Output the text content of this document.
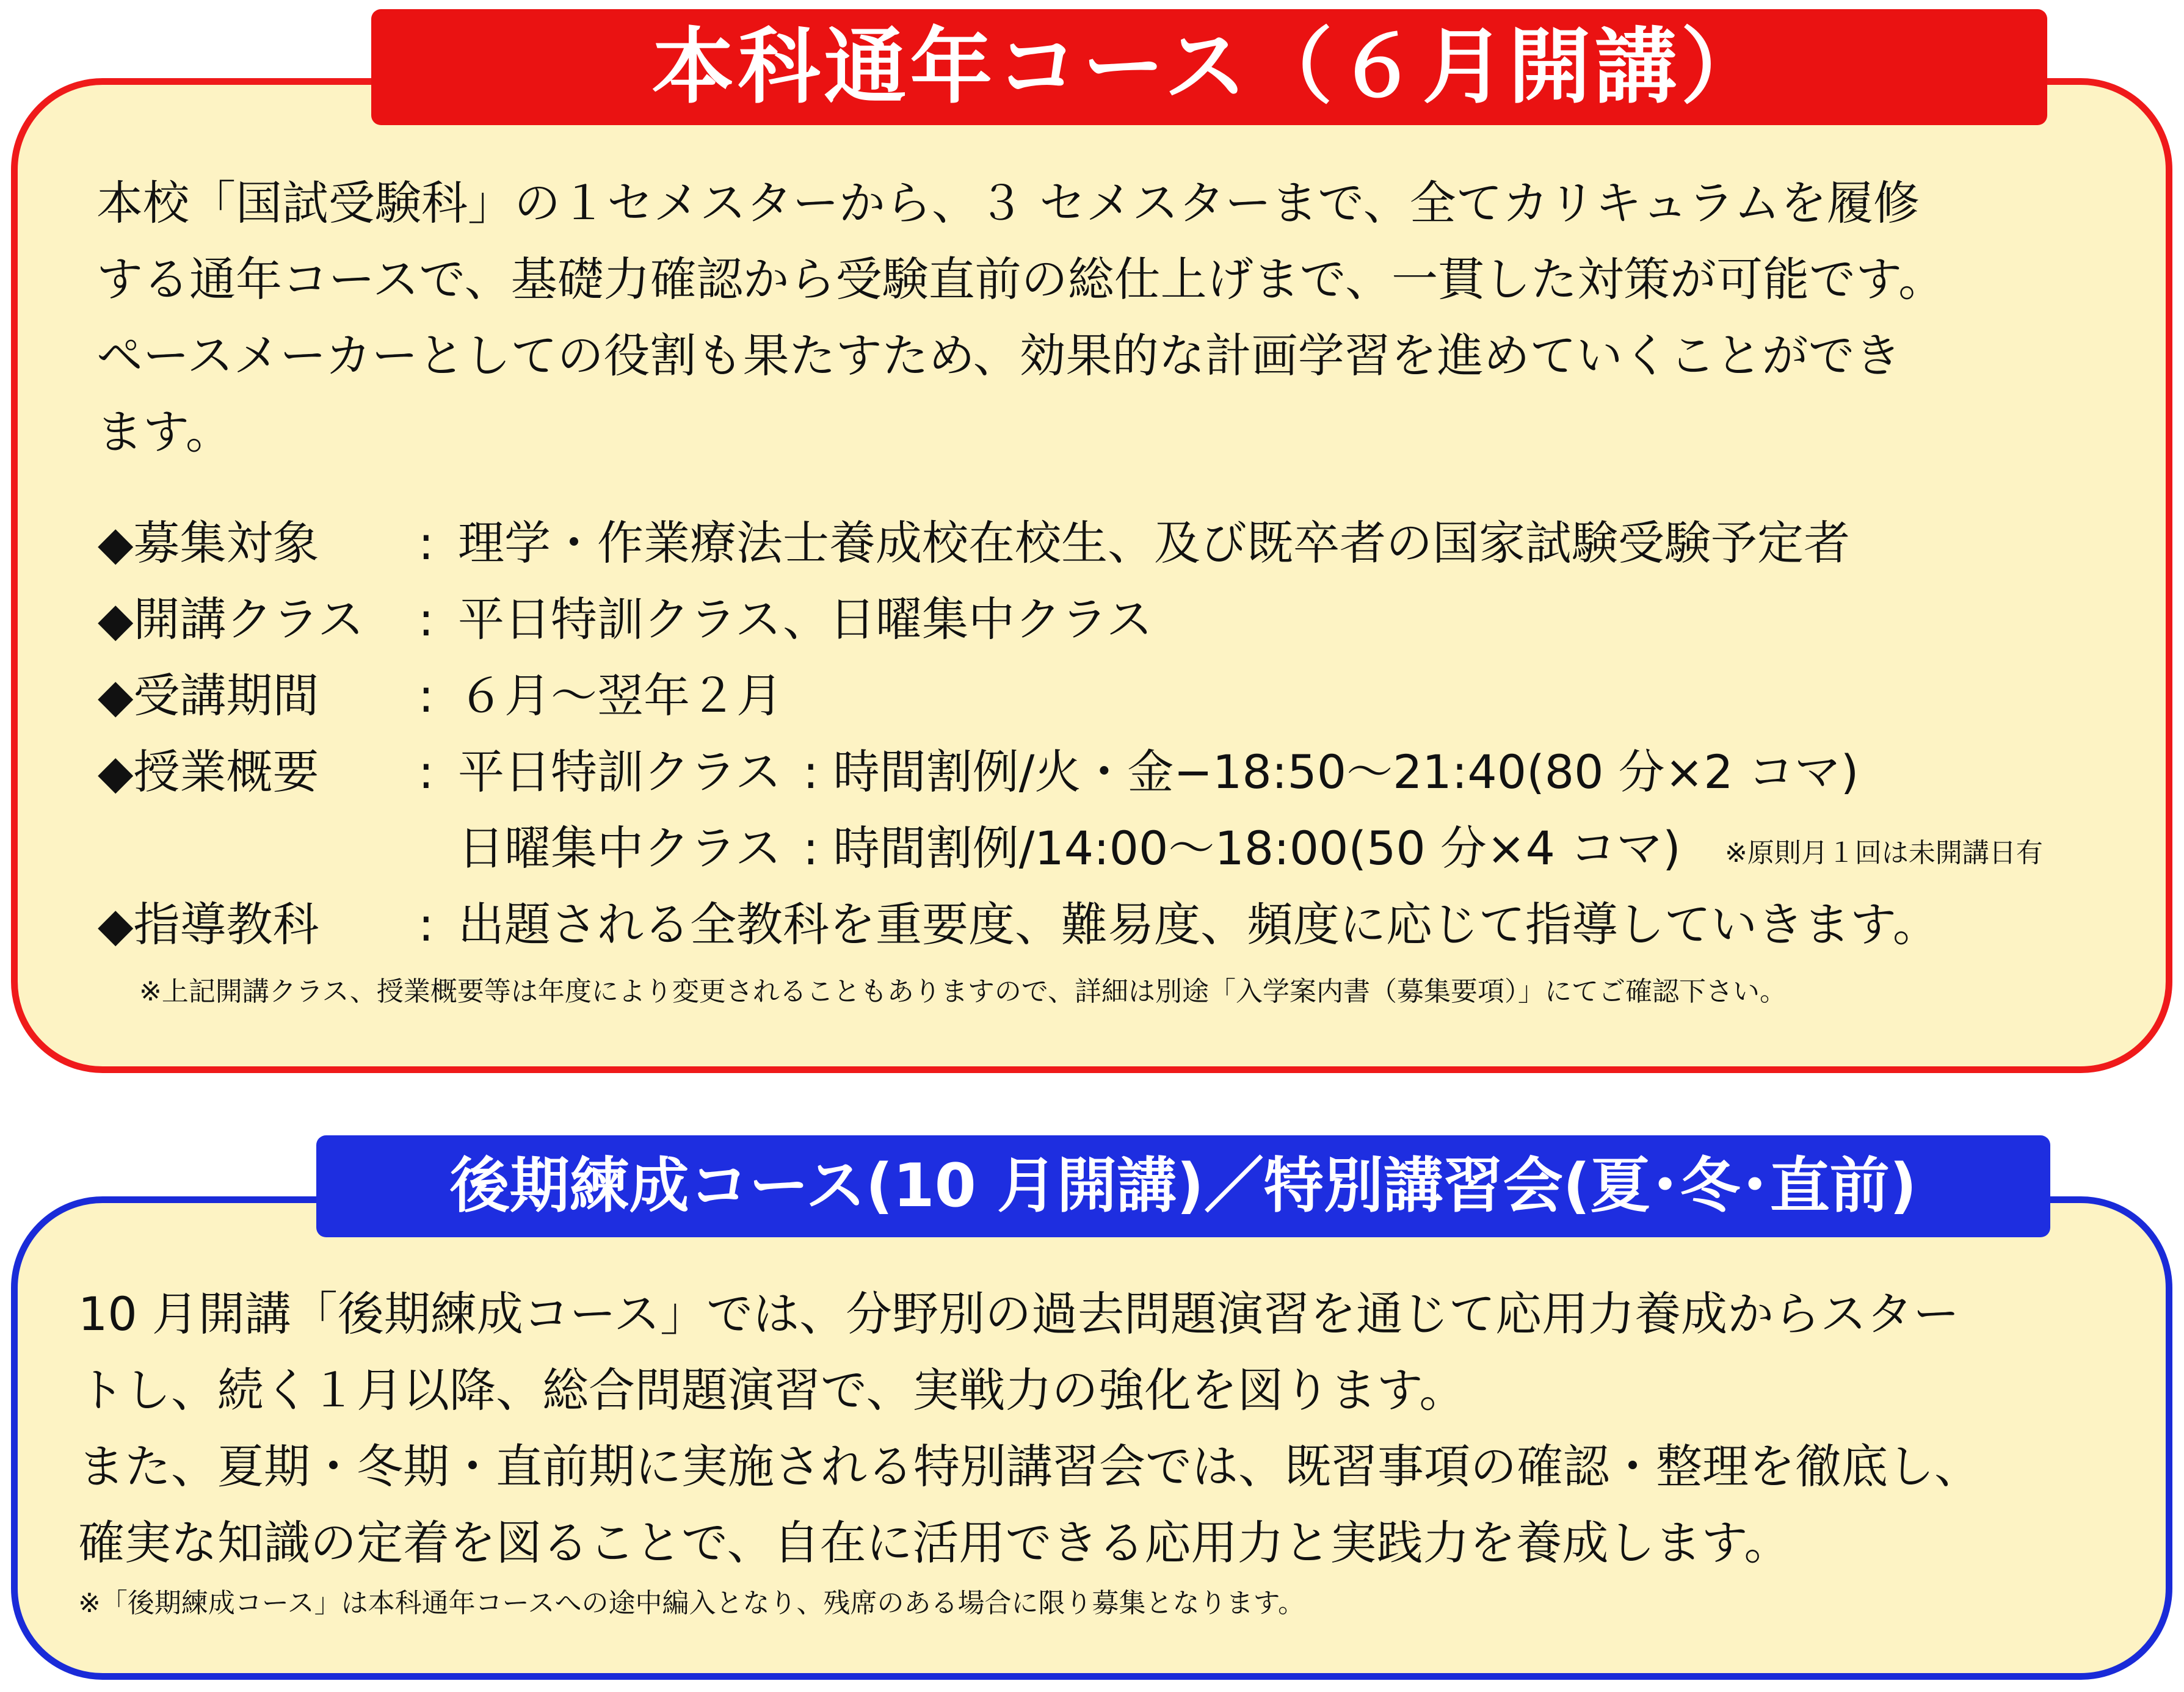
本科通年コース（６月開講）
本校「国試受験科」の１セメスターから、３ セメスターまで、全てカリキュラムを履修
する通年コースで、基礎力確認から受験直前の総仕上げまで、一貫した対策が可能です。
ペースメーカーとしての役割も果たすため、効果的な計画学習を進めていくことができ
ます。
◆募集対象	: 理学・作業療法士養成校在校生、及び既卒者の国家試験受験予定者
◆開講クラス	: 平日特訓クラス、日曜集中クラス
◆受講期間	: ６月～翌年２月
◆授業概要	: 平日特訓クラス : 時間割例/火・金−18:50～21:40(80 分×2 コマ)
日曜集中クラス : 時間割例/14:00～18:00(50 分×4 コマ) ※原則月１回は未開講日有
◆指導教科	: 出題される全教科を重要度、難易度、頻度に応じて指導していきます。
※上記開講クラス、授業概要等は年度により変更されることもありますので、詳細は別途「入学案内書（募集要項）」にてご確認下さい。
後期練成コース(10 月開講)／特別講習会(夏･冬･直前)
10 月開講「後期練成コース」では、分野別の過去問題演習を通じて応用力養成からスター
トし、続く１月以降、総合問題演習で、実戦力の強化を図ります。
また、夏期・冬期・直前期に実施される特別講習会では、既習事項の確認・整理を徹底し、
確実な知識の定着を図ることで、自在に活用できる応用力と実践力を養成します。
※「後期練成コース」は本科通年コースへの途中編入となり、残席のある場合に限り募集となります。
